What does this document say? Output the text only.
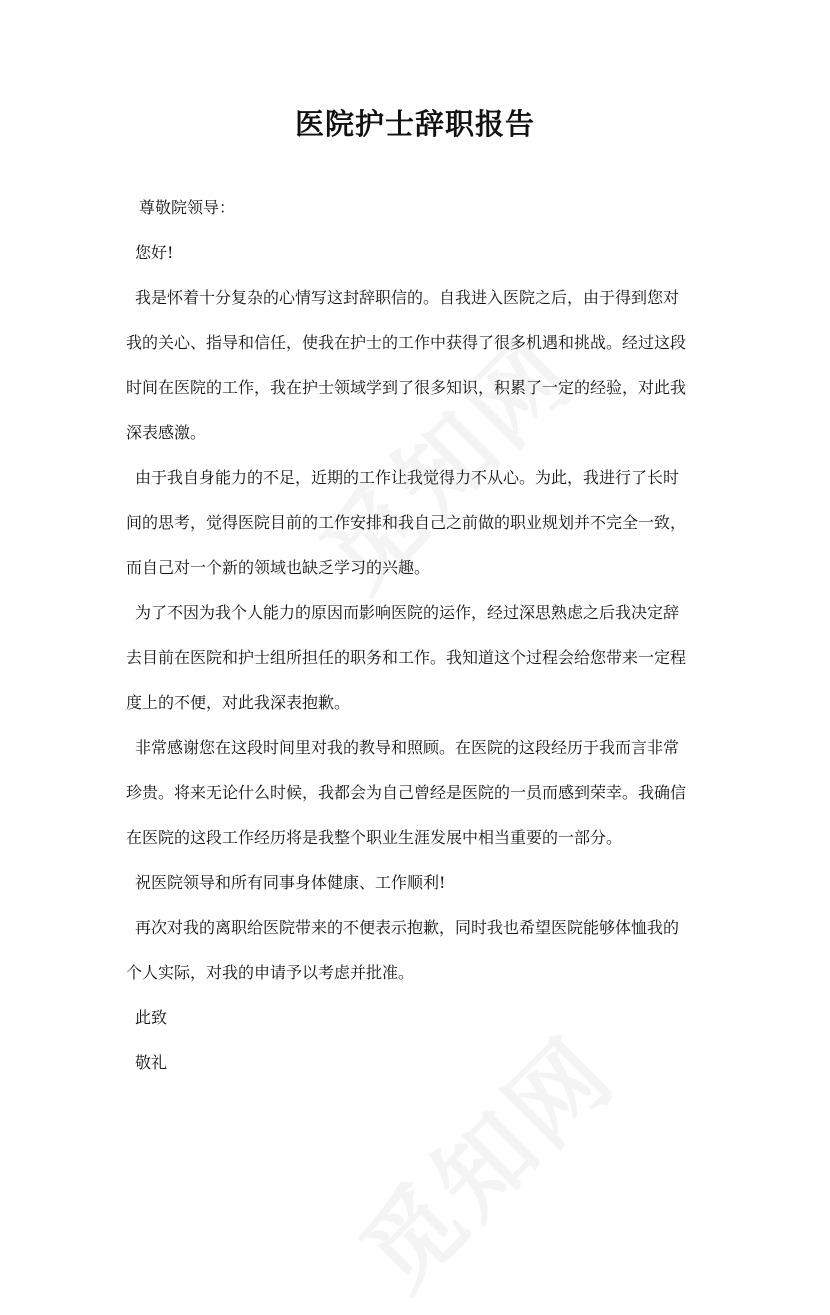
医院护士辞职报告
尊敬院领导：
您好!
我是怀着十分复杂的心情写这封辞职信的。自我进入医院之后，由于得到您对
我的关心、指导和信任，使我在护士的工作中获得了很多机遇和挑战。经过这段
时间在医院的工作，我在护士领域学到了很多知识，积累了一定的经验，对此我
深表感激。
由于我自身能力的不足，近期的工作让我觉得力不从心。为此，我进行了长时
间的思考，觉得医院目前的工作安排和我自己之前做的职业规划并不完全一致，
而自己对一个新的领域也缺乏学习的兴趣。
为了不因为我个人能力的原因而影响医院的运作，经过深思熟虑之后我决定辞
去目前在医院和护士组所担任的职务和工作。我知道这个过程会给您带来一定程
度上的不便，对此我深表抱歉。
非常感谢您在这段时间里对我的教导和照顾。在医院的这段经历于我而言非常
珍贵。将来无论什么时候，我都会为自己曾经是医院的一员而感到荣幸。我确信
在医院的这段工作经历将是我整个职业生涯发展中相当重要的一部分。
祝医院领导和所有同事身体健康、工作顺利!
再次对我的离职给医院带来的不便表示抱歉，同时我也希望医院能够体恤我的
个人实际，对我的申请予以考虑并批准。
此致
敬礼
